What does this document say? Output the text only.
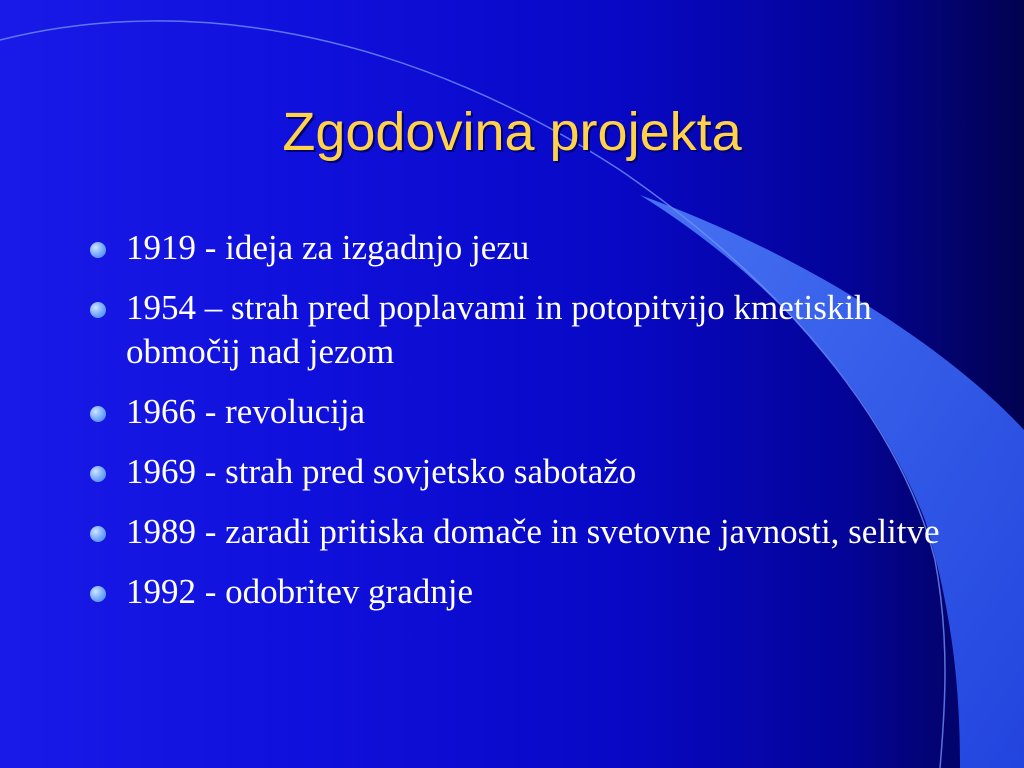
Zgodovina projekta
1919 - ideja za izgadnjo jezu
1954 – strah pred poplavami in potopitvijo kmetiskih območij nad jezom
1966 - revolucija
1969 - strah pred sovjetsko sabotažo
1989 - zaradi pritiska domače in svetovne javnosti, selitve
1992 - odobritev gradnje
